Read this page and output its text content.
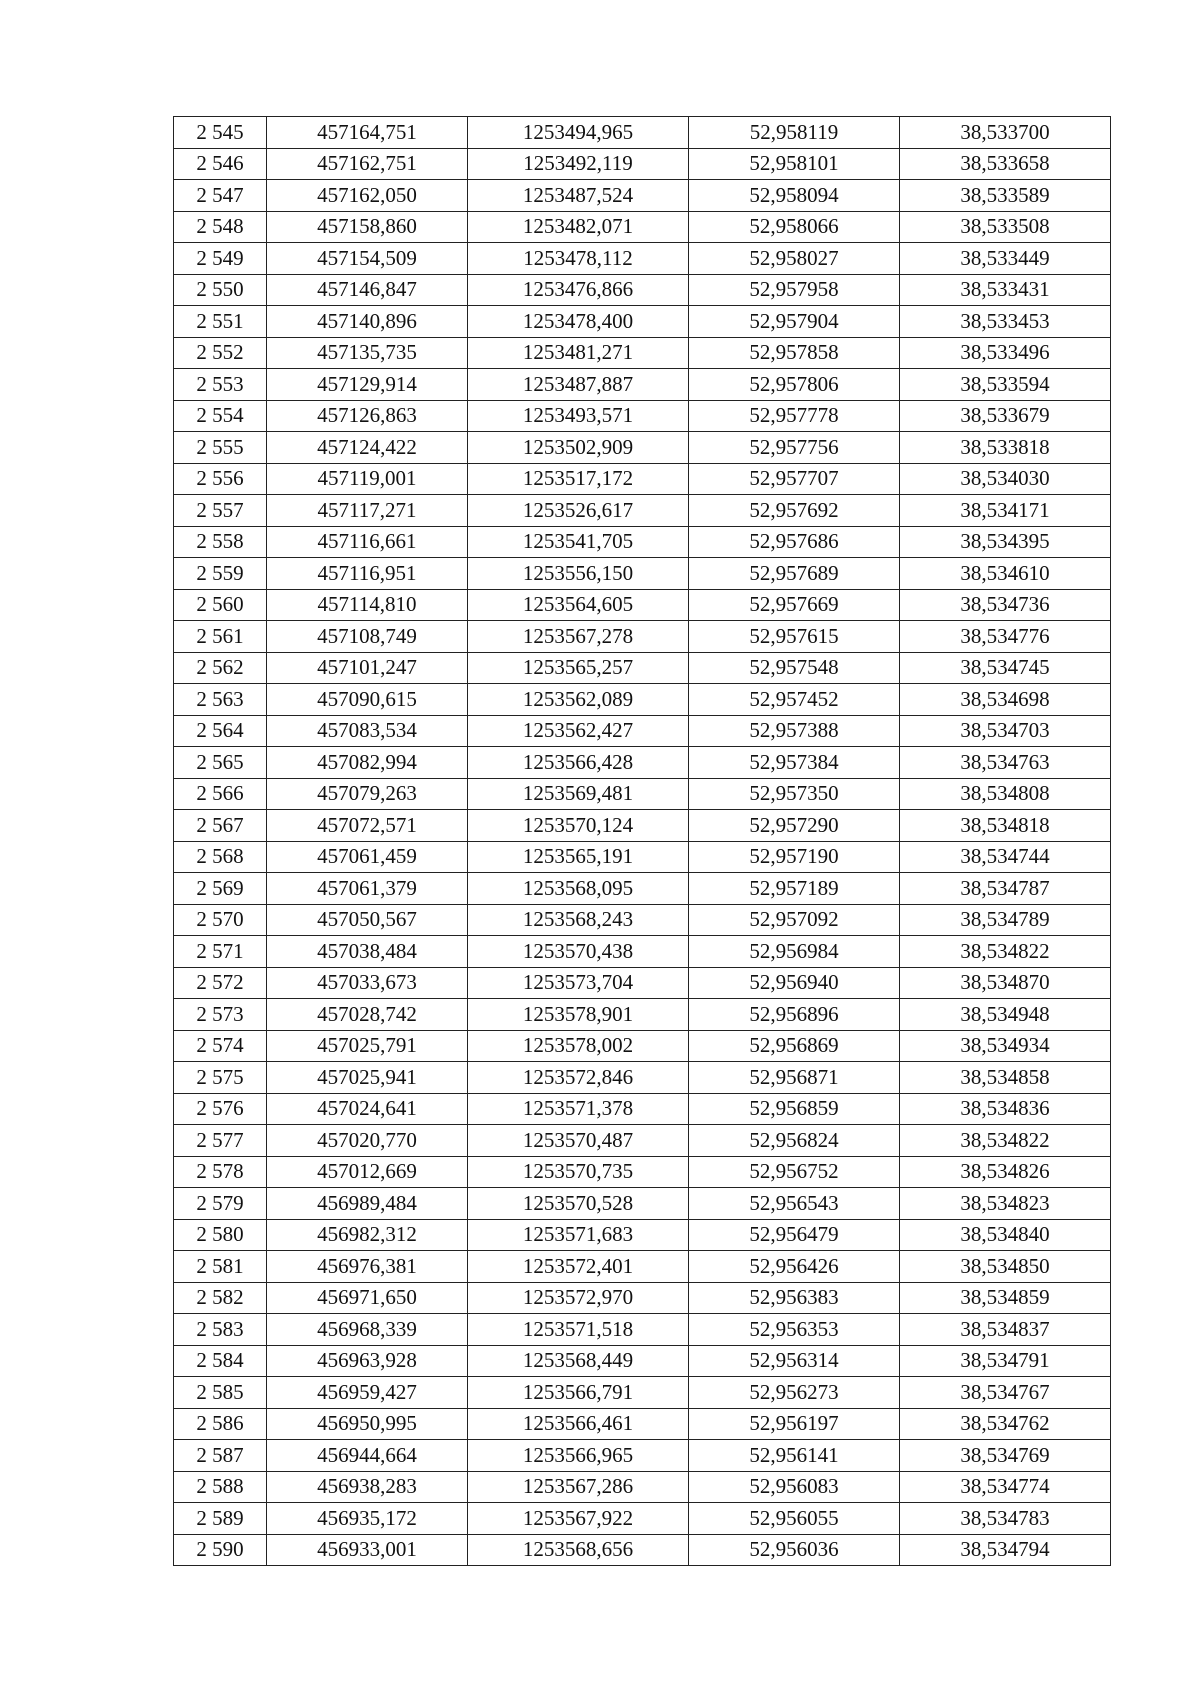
2 545	457164,751	1253494,965	52,958119	38,533700
2 546	457162,751	1253492,119	52,958101	38,533658
2 547	457162,050	1253487,524	52,958094	38,533589
2 548	457158,860	1253482,071	52,958066	38,533508
2 549	457154,509	1253478,112	52,958027	38,533449
2 550	457146,847	1253476,866	52,957958	38,533431
2 551	457140,896	1253478,400	52,957904	38,533453
2 552	457135,735	1253481,271	52,957858	38,533496
2 553	457129,914	1253487,887	52,957806	38,533594
2 554	457126,863	1253493,571	52,957778	38,533679
2 555	457124,422	1253502,909	52,957756	38,533818
2 556	457119,001	1253517,172	52,957707	38,534030
2 557	457117,271	1253526,617	52,957692	38,534171
2 558	457116,661	1253541,705	52,957686	38,534395
2 559	457116,951	1253556,150	52,957689	38,534610
2 560	457114,810	1253564,605	52,957669	38,534736
2 561	457108,749	1253567,278	52,957615	38,534776
2 562	457101,247	1253565,257	52,957548	38,534745
2 563	457090,615	1253562,089	52,957452	38,534698
2 564	457083,534	1253562,427	52,957388	38,534703
2 565	457082,994	1253566,428	52,957384	38,534763
2 566	457079,263	1253569,481	52,957350	38,534808
2 567	457072,571	1253570,124	52,957290	38,534818
2 568	457061,459	1253565,191	52,957190	38,534744
2 569	457061,379	1253568,095	52,957189	38,534787
2 570	457050,567	1253568,243	52,957092	38,534789
2 571	457038,484	1253570,438	52,956984	38,534822
2 572	457033,673	1253573,704	52,956940	38,534870
2 573	457028,742	1253578,901	52,956896	38,534948
2 574	457025,791	1253578,002	52,956869	38,534934
2 575	457025,941	1253572,846	52,956871	38,534858
2 576	457024,641	1253571,378	52,956859	38,534836
2 577	457020,770	1253570,487	52,956824	38,534822
2 578	457012,669	1253570,735	52,956752	38,534826
2 579	456989,484	1253570,528	52,956543	38,534823
2 580	456982,312	1253571,683	52,956479	38,534840
2 581	456976,381	1253572,401	52,956426	38,534850
2 582	456971,650	1253572,970	52,956383	38,534859
2 583	456968,339	1253571,518	52,956353	38,534837
2 584	456963,928	1253568,449	52,956314	38,534791
2 585	456959,427	1253566,791	52,956273	38,534767
2 586	456950,995	1253566,461	52,956197	38,534762
2 587	456944,664	1253566,965	52,956141	38,534769
2 588	456938,283	1253567,286	52,956083	38,534774
2 589	456935,172	1253567,922	52,956055	38,534783
2 590	456933,001	1253568,656	52,956036	38,534794
